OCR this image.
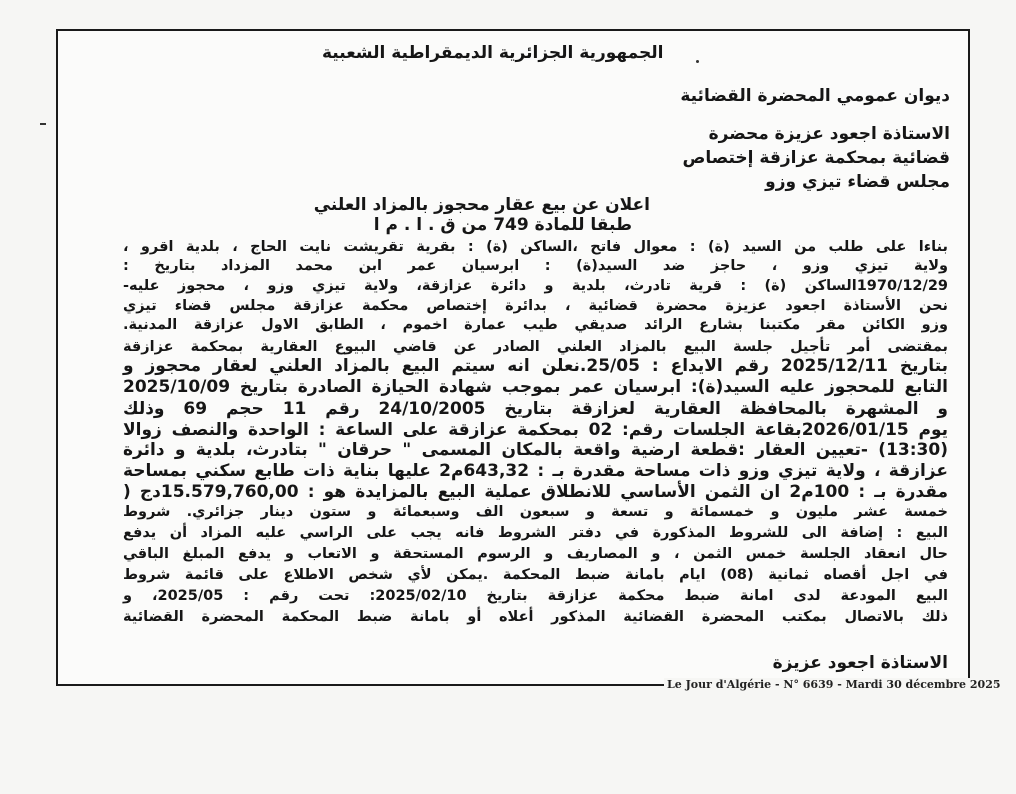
الجمهورية الجزائرية الديمقراطية الشعبية
ديوان عمومي المحضرة القضائية
الاستاذة اجعود عزيزة محضرة
قضائية بمحكمة عزازقة إختصاص
مجلس قضاء تيزي وزو
اعلان عن بيع عقار محجوز بالمزاد العلني
طبقا للمادة 749 من ق . ا . م ا
بناءا على طلب من السيد (ة) : معوال فاتح ،الساكن (ة) : بقرية تقريشت نايت الحاج ، بلدية اقرو ،
ولاية تيزي وزو ، حاجز ضد السيد(ة) : ابرسيان عمر ابن محمد المزداد بتاريخ :
1970/12/29الساكن (ة) : قرية تادرث، بلدية و دائرة عزازقة، ولاية تيزي وزو ، محجوز عليه-
نحن الأستاذة اجعود عزيزة محضرة قضائية ، بدائرة إختصاص محكمة عزازقة مجلس قضاء تيزي
وزو الكائن مقر مكتبنا بشارع الرائد صديقي طيب عمارة اخموم ، الطابق الاول عزازقة المدنية.
بمقتضى أمر تأجيل جلسة البيع بالمزاد العلني الصادر عن قاضي البيوع العقارية بمحكمة عزازقة
بتاريخ 2025/12/11 رقم الايداع : 25/05.نعلن انه سيتم البيع بالمزاد العلني لعقار محجوز و
التابع للمحجوز عليه السيد(ة): ابرسيان عمر بموجب شهادة الحيازة الصادرة بتاريخ 2025/10/09
و المشهرة بالمحافظة العقارية لعزازقة بتاريخ 24/10/2005 رقم 11 حجم 69 وذلك
يوم 2026/01/15بقاعة الجلسات رقم: 02 بمحكمة عزازقة على الساعة : الواحدة والنصف زوالا
(13:30) -تعيين العقار :قطعة ارضية واقعة بالمكان المسمى " حرقان " بتادرث، بلدية و دائرة
عزازقة ، ولاية تيزي وزو ذات مساحة مقدرة بـ : 643,32م2 عليها بناية ذات طابع سكني بمساحة
مقدرة بـ : 100م2 ان الثمن الأساسي للانطلاق عملية البيع بالمزايدة هو : 15.579,760,00دج (
خمسة عشر مليون و خمسمائة و تسعة و سبعون الف وسبعمائة و ستون دينار جزائري. شروط
البيع : إضافة الى للشروط المذكورة في دفتر الشروط فانه يجب على الراسي عليه المزاد أن يدفع
حال انعقاد الجلسة خمس الثمن ، و المصاريف و الرسوم المستحقة و الاتعاب و يدفع المبلغ الباقي
في اجل أقصاه ثمانية (08) ايام بامانة ضبط المحكمة .يمكن لأي شخص الاطلاع على قائمة شروط
البيع المودعة لدى امانة ضبط محكمة عزازقة بتاريخ 2025/02/10: تحت رقم : 2025/05، و
ذلك بالاتصال بمكتب المحضرة القضائية المذكور أعلاه أو بامانة ضبط المحكمة المحضرة القضائية
الاستاذة اجعود عزيزة
Le Jour d'Algérie - N° 6639 - Mardi 30 décembre 2025
